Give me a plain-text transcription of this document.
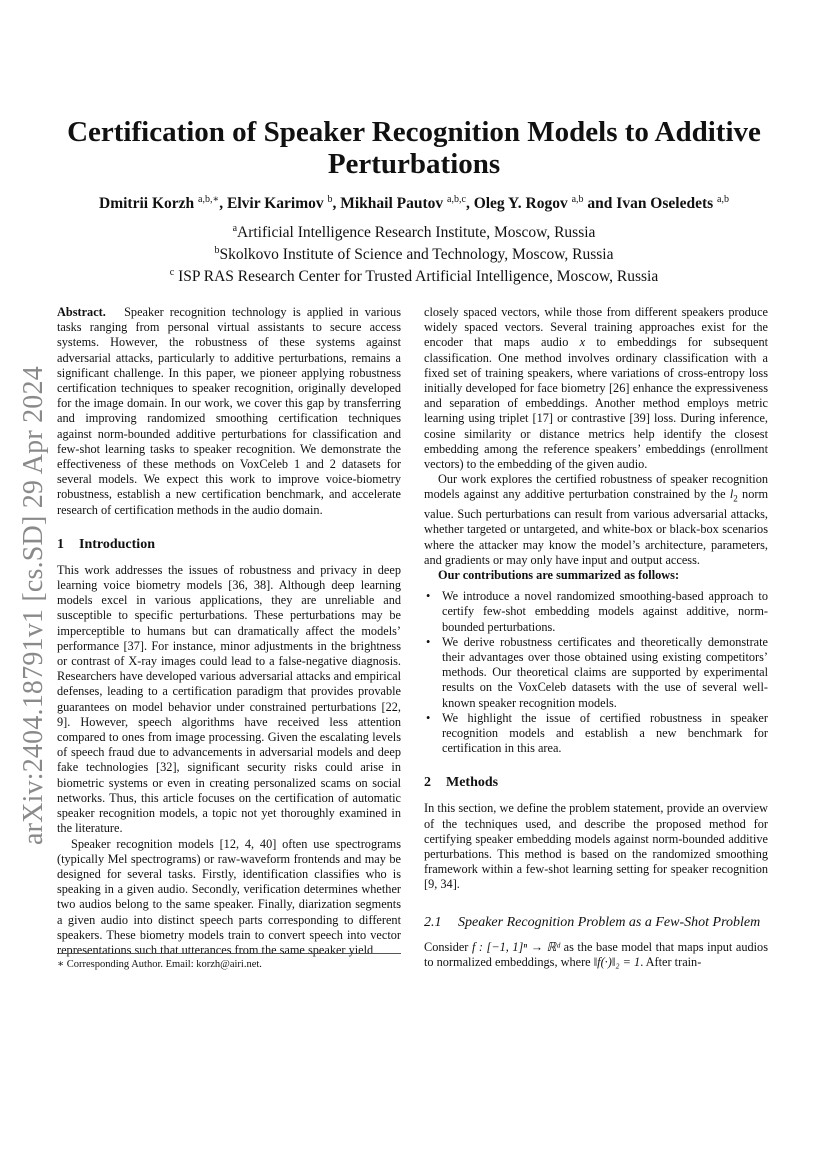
arXiv:2404.18791v1 [cs.SD] 29 Apr 2024
Certification of Speaker Recognition Models to Additive Perturbations
Dmitrii Korzh $^{a,b,∗}$, Elvir Karimov $^b$, Mikhail Pautov $^{a,b,c}$, Oleg Y. Rogov $^{a,b}$ and Ivan Oseledets $^{a,b}$
$^a$Artificial Intelligence Research Institute, Moscow, Russia
$^b$Skolkovo Institute of Science and Technology, Moscow, Russia
$^c$ ISP RAS Research Center for Trusted Artificial Intelligence, Moscow, Russia

Abstract. Speaker recognition technology is applied in various tasks ranging from personal virtual assistants to secure access systems. However, the robustness of these systems against adversarial attacks, particularly to additive perturbations, remains a significant challenge. In this paper, we pioneer applying robustness certification techniques to speaker recognition, originally developed for the image domain. In our work, we cover this gap by transferring and improving randomized smoothing certification techniques against norm-bounded additive perturbations for classification and few-shot learning tasks to speaker recognition. We demonstrate the effectiveness of these methods on VoxCeleb 1 and 2 datasets for several models. We expect this work to improve voice-biometry robustness, establish a new certification benchmark, and accelerate research of certification methods in the audio domain.

1 Introduction

This work addresses the issues of robustness and privacy in deep learning voice biometry models [36, 38]. Although deep learning models excel in various applications, they are unreliable and susceptible to specific perturbations. These perturbations may be imperceptible to humans but can dramatically affect the models’ performance [37]. For instance, minor adjustments in the brightness or contrast of X-ray images could lead to a false-negative diagnosis. Researchers have developed various adversarial attacks and empirical defenses, leading to a certification paradigm that provides provable guarantees on model behavior under constrained perturbations [22, 9]. However, speech algorithms have received less attention compared to ones from image processing. Given the escalating levels of speech fraud due to advancements in adversarial models and deep fake technologies [32], significant security risks could arise in biometric systems or even in creating personalized scams on social networks. Thus, this article focuses on the certification of automatic speaker recognition models, a topic not yet thoroughly examined in the literature.

Speaker recognition models [12, 4, 40] often use spectrograms (typically Mel spectrograms) or raw-waveform frontends and may be designed for several tasks. Firstly, identification classifies who is speaking in a given audio. Secondly, verification determines whether two audios belong to the same speaker. Finally, diarization segments a given audio into distinct speech parts corresponding to different speakers. These biometry models train to convert speech into vector representations such that utterances from the same speaker yield

closely spaced vectors, while those from different speakers produce widely spaced vectors. Several training approaches exist for the encoder that maps audio x to embeddings for subsequent classification. One method involves ordinary classification with a fixed set of training speakers, where variations of cross-entropy loss initially developed for face biometry [26] enhance the expressiveness and separation of embeddings. Another method employs metric learning using triplet [17] or contrastive [39] loss. During inference, cosine similarity or distance metrics help identify the closest embedding among the reference speakers’ embeddings (enrollment vectors) to the embedding of the given audio.

Our work explores the certified robustness of speaker recognition models against any additive perturbation constrained by the $l_2$ norm value. Such perturbations can result from various adversarial attacks, whether targeted or untargeted, and white-box or black-box scenarios where the attacker may know the model’s architecture, parameters, and gradients or may only have input and output access.

Our contributions are summarized as follows:

• We introduce a novel randomized smoothing-based approach to certify few-shot embedding models against additive, norm-bounded perturbations.
• We derive robustness certificates and theoretically demonstrate their advantages over those obtained using existing competitors’ methods. Our theoretical claims are supported by experimental results on the VoxCeleb datasets with the use of several well-known speaker recognition models.
• We highlight the issue of certified robustness in speaker recognition models and establish a new benchmark for certification in this area.
2 Methods

In this section, we define the problem statement, provide an overview of the techniques used, and describe the proposed method for certifying speaker embedding models against norm-bounded additive perturbations. This method is based on the randomized smoothing framework within a few-shot learning setting for speaker recognition [9, 34].

2.1	Speaker Recognition Problem as a Few-Shot Problem

Consider f : [−1, 1]ⁿ → ℝᵈ as the base model that maps input audios to normalized embeddings, where ‖f(·)‖₂ = 1. After train-

∗ Corresponding Author. Email: korzh@airi.net.
